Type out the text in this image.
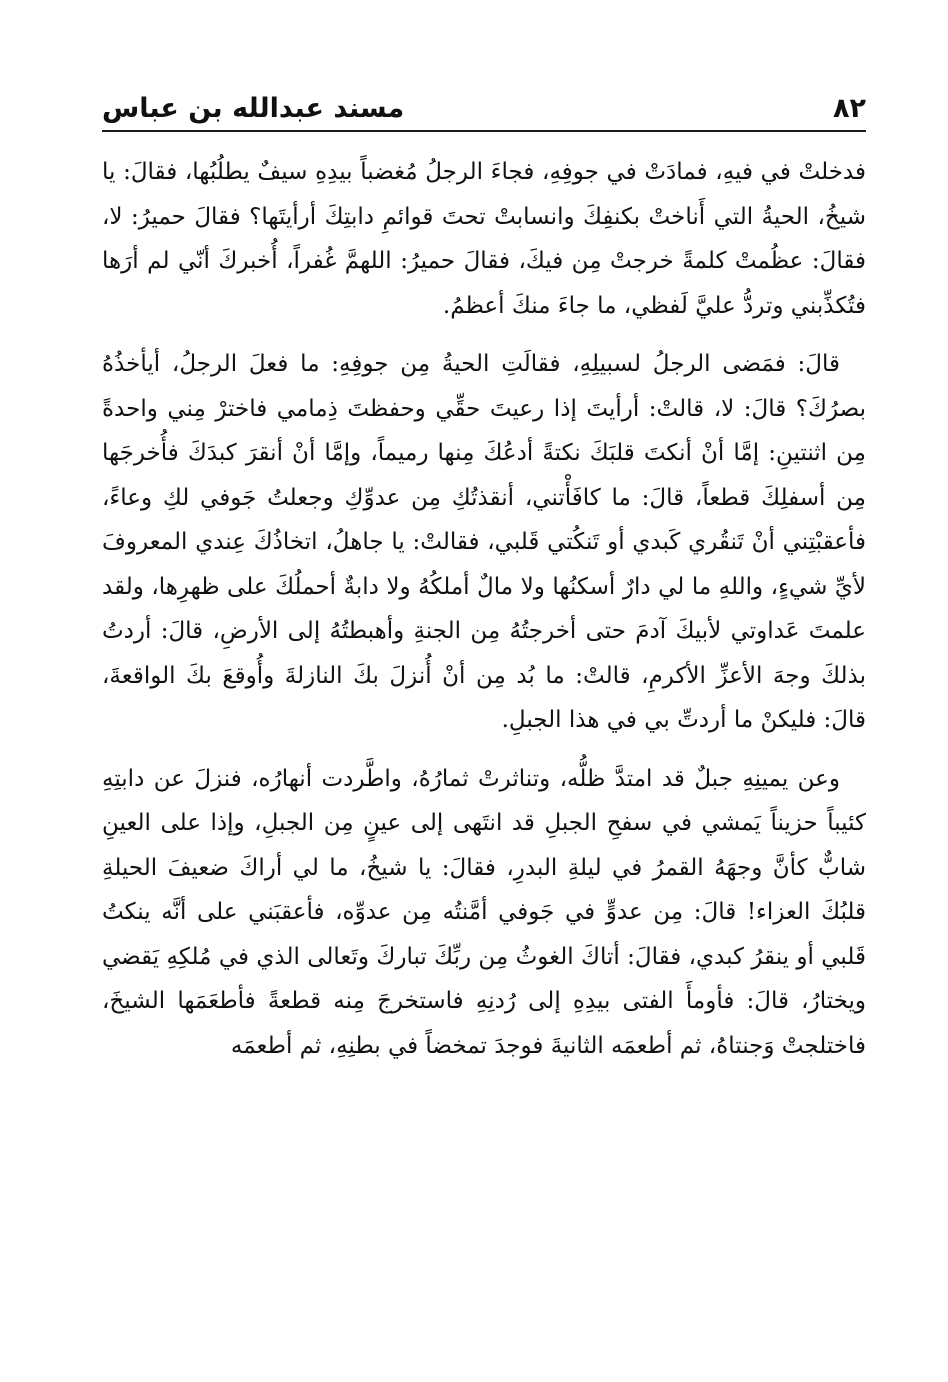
٨٢
مسند عبدالله بن عباس

فدخلتْ في فيهِ، فمادَتْ في جوفِهِ، فجاءَ الرجلُ مُغضباً بيدِهِ سيفٌ يطلُبُها، فقالَ: يا شيخُ، الحيةُ التي أَناختْ بكنفِكَ وانسابتْ تحتَ قوائمِ دابتِكَ أرأيتَها؟ فقالَ حميرُ: لا، فقالَ: عظُمتْ كلمةً خرجتْ مِن فيكَ، فقالَ حميرُ: اللهمَّ غُفراً، أُخبركَ أنّي لم أرَها فتُكذِّبني وتردُّ عليَّ لَفظي، ما جاءَ منكَ أعظمُ.

قالَ: فمَضى الرجلُ لسبيلِهِ، فقالَتِ الحيةُ مِن جوفِهِ: ما فعلَ الرجلُ، أيأخذُهُ بصرُكَ؟ قالَ: لا، قالتْ: أرأيتَ إذا رعيتَ حقِّي وحفظتَ ذِمامي فاخترْ مِني واحدةً مِن اثنتينِ: إمَّا أنْ أنكتَ قلبَكَ نكتةً أدعُكَ مِنها رميماً، وإمَّا أنْ أنقرَ كبدَكَ فأُخرجَها مِن أسفلِكَ قطعاً، قالَ: ما كافَأْتني، أنقذتُكِ مِن عدوِّكِ وجعلتُ جَوفي لكِ وعاءً، فأعقبْتِني أنْ تَنقُري كَبدي أو تَنكُتي قَلبي، فقالتْ: يا جاهلُ، اتخاذُكَ عِندي المعروفَ لأيِّ شيءٍ، واللهِ ما لي دارٌ أسكنُها ولا مالٌ أملكُهُ ولا دابةٌ أحملُكَ على ظهرِها، ولقد علمتَ عَداوتي لأبيكَ آدمَ حتى أخرجتُهُ مِن الجنةِ وأهبطتُهُ إلى الأرضِ، قالَ: أردتُ بذلكَ وجهَ الأعزِّ الأكرمِ، قالتْ: ما بُد مِن أنْ أُنزلَ بكَ النازلةَ وأُوقعَ بكَ الواقعةَ، قالَ: فليكنْ ما أردتِّ بي في هذا الجبلِ.

وعن يمينِهِ جبلٌ قد امتدَّ ظلُّه، وتناثرتْ ثمارُهُ، واطَّردت أنهارُه، فنزلَ عن دابتِهِ كئيباً حزيناً يَمشي في سفحِ الجبلِ قد انتَهى إلى عينٍ مِن الجبلِ، وإذا على العينِ شابٌّ كأنَّ وجهَهُ القمرُ في ليلةِ البدرِ، فقالَ: يا شيخُ، ما لي أراكَ ضعيفَ الحيلةِ قلبُكَ العزاء! قالَ: مِن عدوٍّ في جَوفي أمَّنتُه مِن عدوِّه، فأعقبَني على أنَّه ينكتُ قَلبي أو ينقرُ كبدي، فقالَ: أتاكَ الغوثُ مِن ربِّكَ تباركَ وتَعالى الذي في مُلكِهِ يَقضي ويختارُ، قالَ: فأومأَ الفتى بيدِهِ إلى رُدنِهِ فاستخرجَ مِنه قطعةً فأطعَمَها الشيخَ، فاختلجتْ وَجنتاهُ، ثم أطعمَه الثانيةَ فوجدَ تمخضاً في بطنِهِ، ثم أطعمَه
